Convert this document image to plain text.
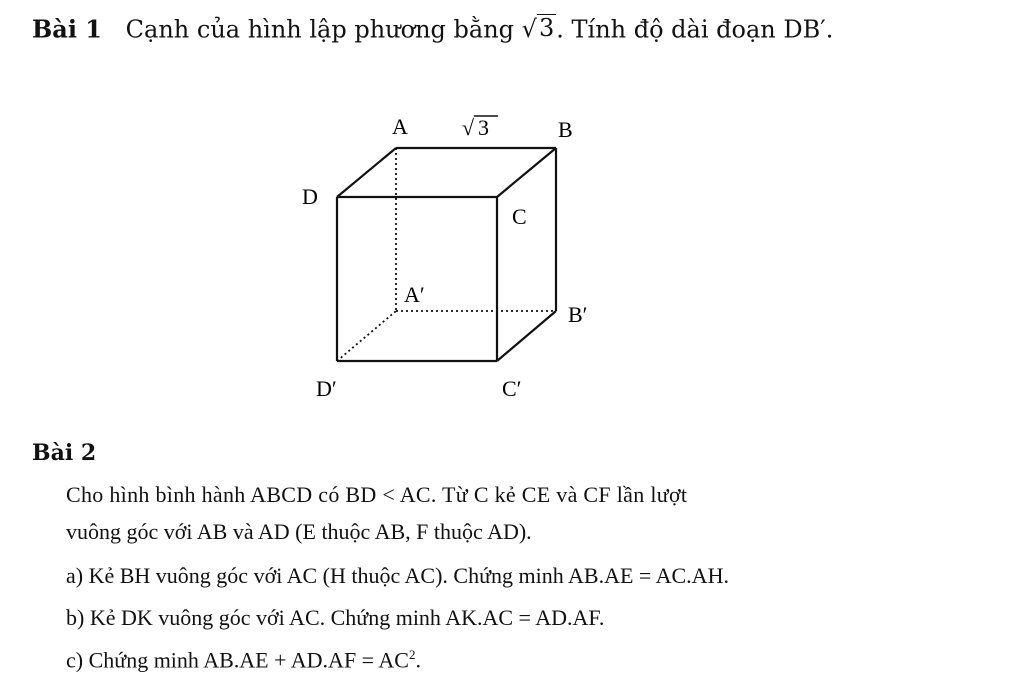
Bài 1 Cạnh của hình lập phương bằng √ 3 . Tính độ dài đoạn DB′.
A	B
D
C
A′
B′
D′	C′
√ 3
Bài 2
Cho hình bình hành ABCD có BD < AC. Từ C kẻ CE và CF lần lượt
vuông góc với AB và AD (E thuộc AB, F thuộc AD).
a) Kẻ BH vuông góc với AC (H thuộc AC). Chứng minh AB.AE = AC.AH.
b) Kẻ DK vuông góc với AC. Chứng minh AK.AC = AD.AF.
c) Chứng minh $AB.AE + AD.AF = AC^2$.
